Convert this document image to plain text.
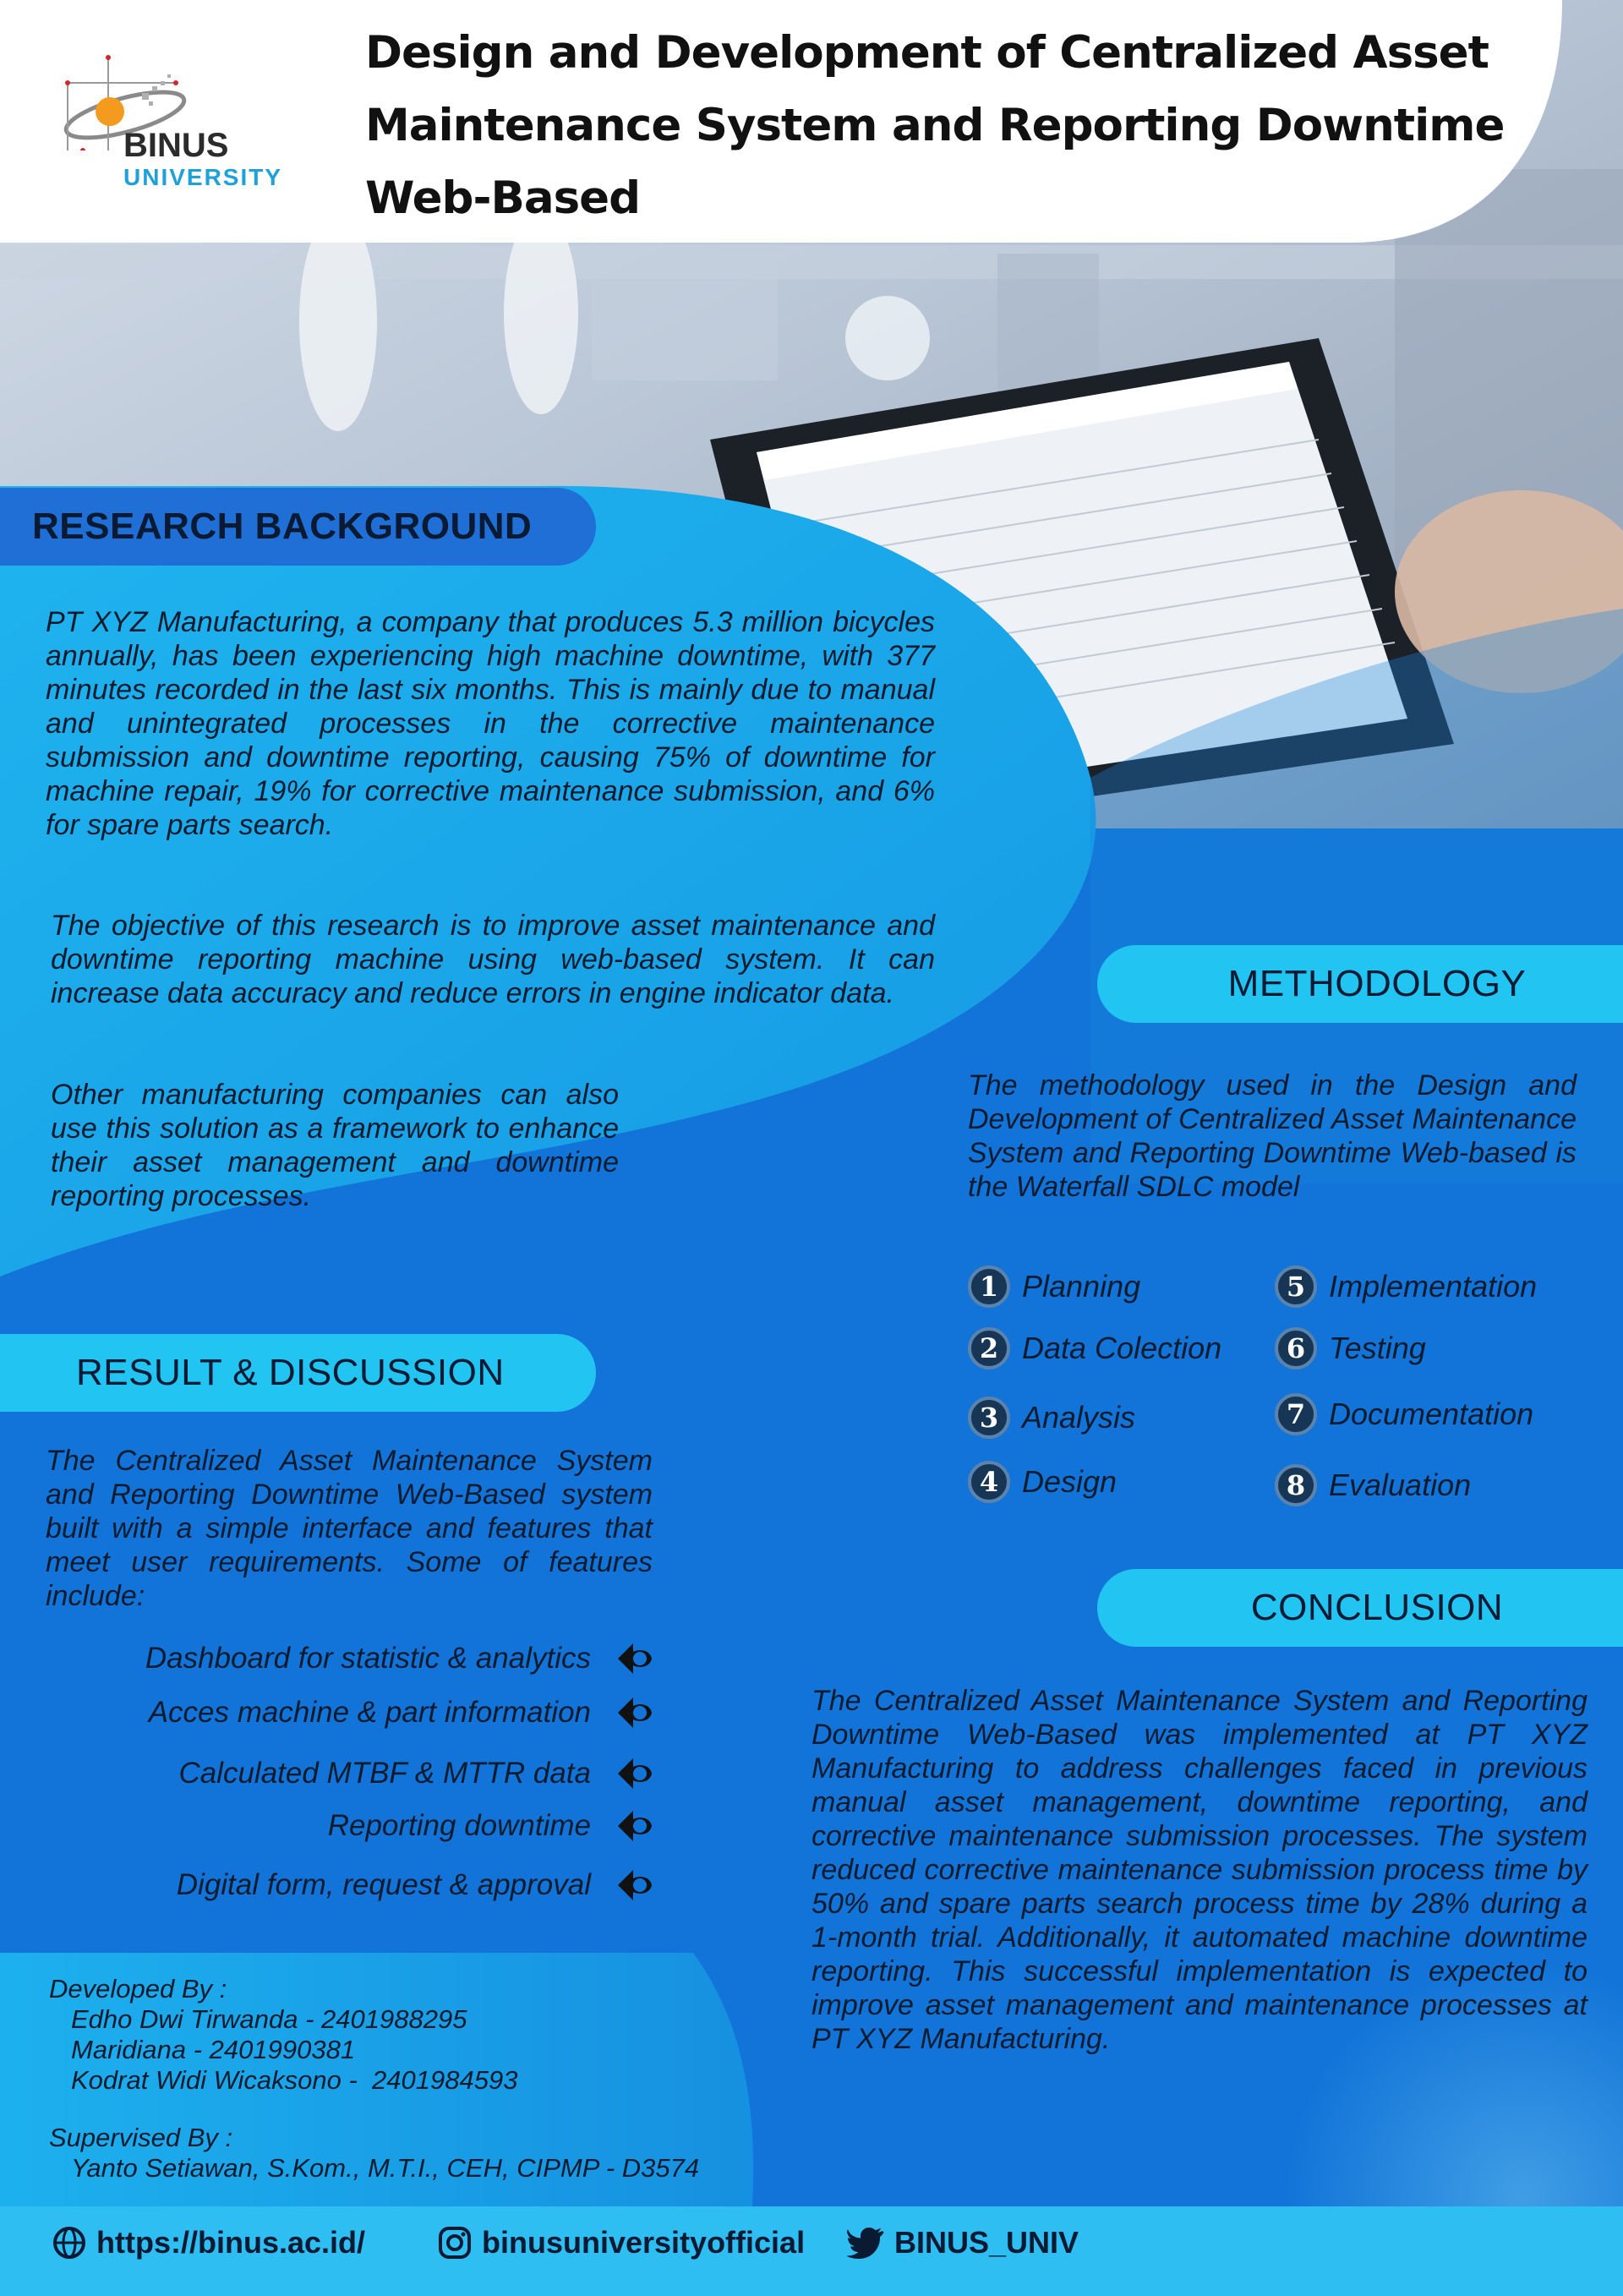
BINUS
UNIVERSITY
Design and Development of Centralized Asset
Maintenance System and Reporting Downtime
Web-Based
RESEARCH BACKGROUND

PT XYZ Manufacturing, a company that produces 5.3 million bicycles annually, has been experiencing high machine downtime, with 377 minutes recorded in the last six months. This is mainly due to manual and unintegrated processes in the corrective maintenance submission and downtime reporting, causing 75% of downtime for machine repair, 19% for corrective maintenance submission, and 6% for spare parts search.

The objective of this research is to improve asset maintenance and downtime reporting machine using web-based system. It can increase data accuracy and reduce errors in engine indicator data.

Other manufacturing companies can also use this solution as a framework to enhance their asset management and downtime reporting processes.

METHODOLOGY

The methodology used in the Design and Development of Centralized Asset Maintenance System and Reporting Downtime Web-based is the Waterfall SDLC model

1 Planning
2 Data Colection
3 Analysis
4 Design
5 Implementation
6 Testing
7 Documentation
8 Evaluation
RESULT & DISCUSSION

The Centralized Asset Maintenance System and Reporting Downtime Web-Based system built with a simple interface and features that meet user requirements. Some of features include:

Dashboard for statistic & analytics
Acces machine & part information
Calculated MTBF & MTTR data
Reporting downtime
Digital form, request & approval
CONCLUSION

The Centralized Asset Maintenance System and Reporting Downtime Web-Based was implemented at PT XYZ Manufacturing to address challenges faced in previous manual asset management, downtime reporting, and corrective maintenance submission processes. The system reduced corrective maintenance submission process time by 50% and spare parts search process time by 28% during a 1-month trial. Additionally, it automated machine downtime reporting. This successful implementation is expected to improve asset management and maintenance processes at PT XYZ Manufacturing.

Developed By :
Edho Dwi Tirwanda - 2401988295
Maridiana - 2401990381
Kodrat Widi Wicaksono -  2401984593
Supervised By :
Yanto Setiawan, S.Kom., M.T.I., CEH, CIPMP - D3574
https://binus.ac.id/	binusuniversityofficial	BINUS_UNIV
